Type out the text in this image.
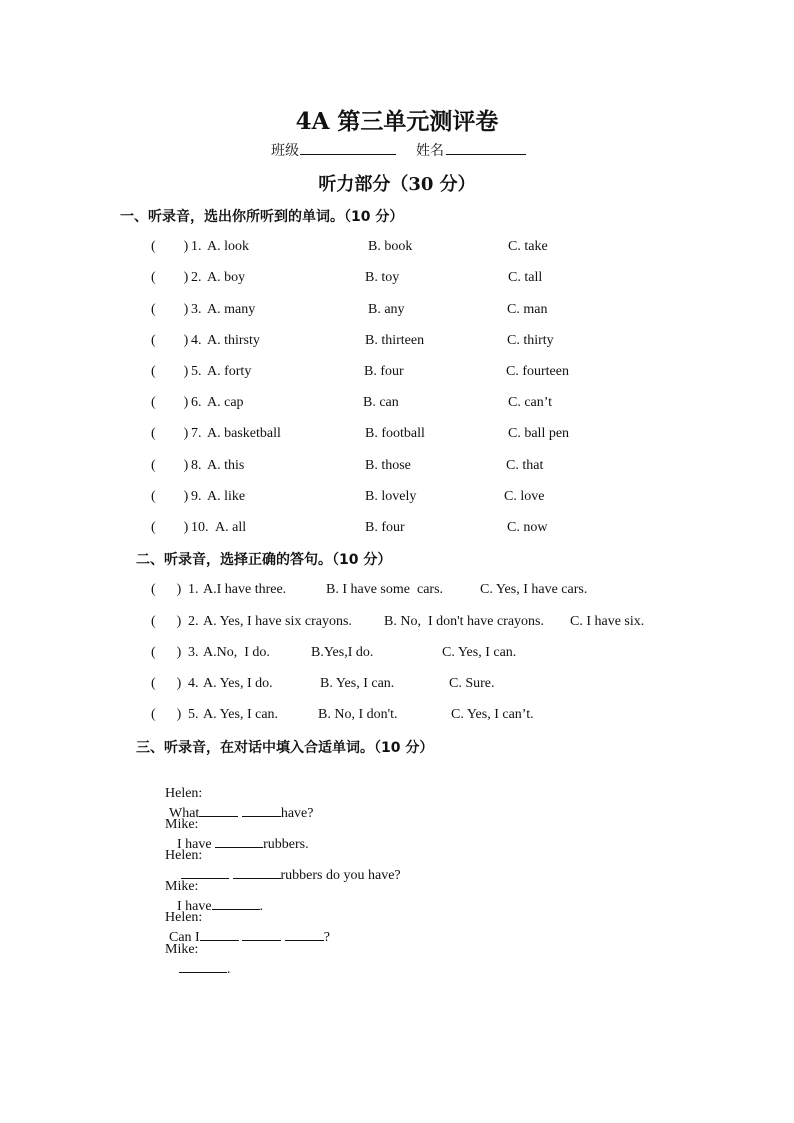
4A 第三单元测评卷
班级	姓名
听力部分（30 分）
一、听录音，选出你所听到的单词。（10 分）
(        ) 1. A. look	B. book	C. take
(        ) 2. A. boy	B. toy	C. tall
(        ) 3. A. many	B. any	C. man
(        ) 4. A. thirsty	B. thirteen	C. thirty
(        ) 5. A. forty	B. four	C. fourteen
(        ) 6. A. cap	B. can	C. can’t
(        ) 7. A. basketball	B. football	C. ball pen
(        ) 8. A. this	B. those	C. that
(        ) 9. A. like	B. lovely	C. love
(        ) 10. A. all	B. four	C. now
二、听录音，选择正确的答句。（10 分）
(      ) 1. A.I have three.	B. I have some  cars.	C. Yes, I have cars.
(      ) 2. A. Yes, I have six crayons. B. No,  I don't have crayons. C. I have six.
(      ) 3. A.No,  I do.	B.Yes,I do.	C. Yes, I can.
(      ) 4. A. Yes, I do.	B. Yes, I can.	C. Sure.
(      ) 5. A. Yes, I can.	B. No, I don't.	C. Yes, I can’t.
三、听录音，在对话中填入合适单词。（10 分）

Helen:
What	have?

Mike:
I have	rubbers.

Helen:
rubbers do you have?

Mike:
I have	.

Helen:
Can I	?

Mike:
.
